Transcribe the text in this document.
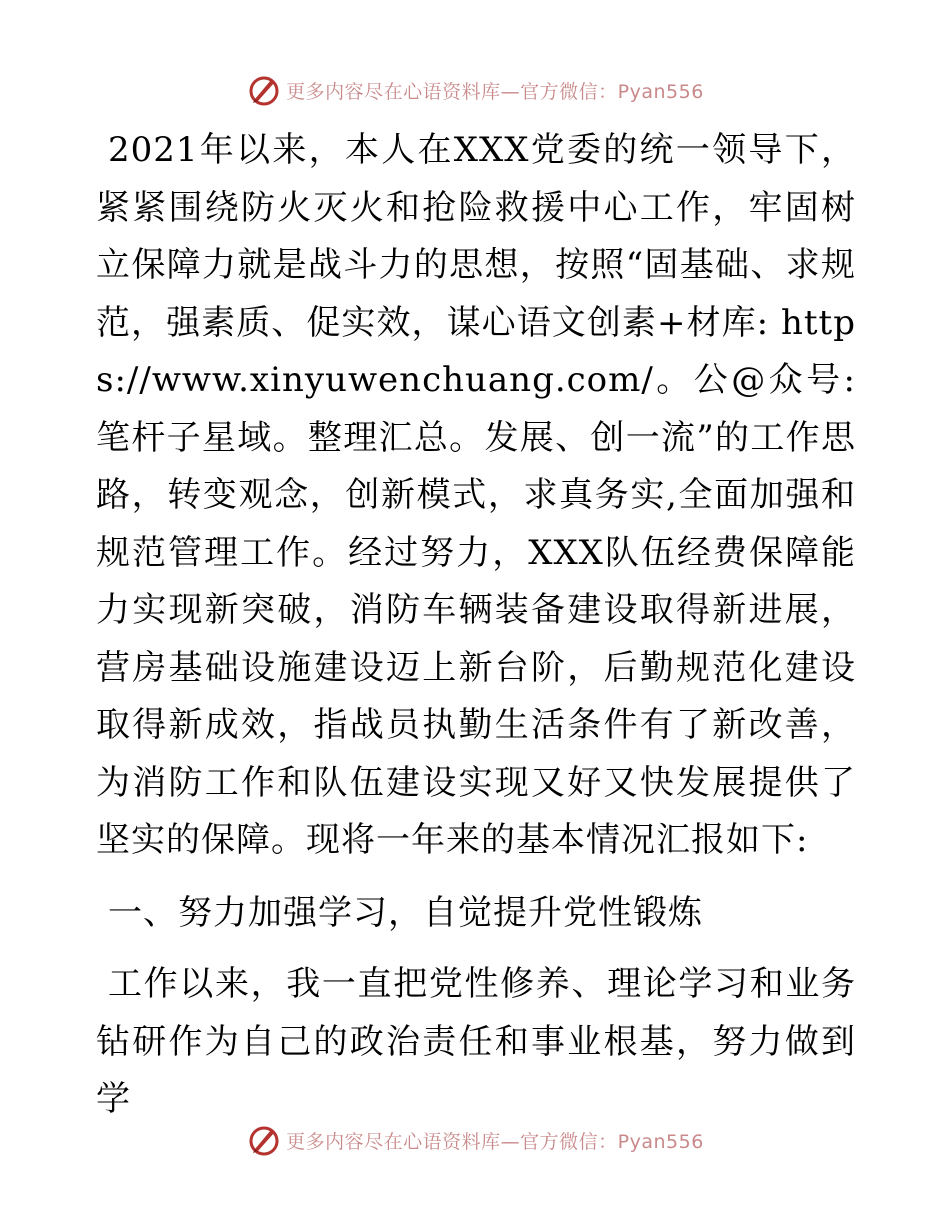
更多内容尽在心语资料库—官方微信：Pyan556

2021年以来，本人在XXX党委的统一领导下，紧紧围绕防火灭火和抢险救援中心工作，牢固树立保障力就是战斗力的思想，按照“固基础、求规范，强素质、促实效，谋心语文创素+材库: https://www.xinyuwenchuang.com/。公@众号: 笔杆子星域。整理汇总。发展、创一流”的工作思路，转变观念，创新模式，求真务实,全面加强和规范管理工作。经过努力，XXX队伍经费保障能力实现新突破，消防车辆装备建设取得新进展，营房基础设施建设迈上新台阶，后勤规范化建设取得新成效，指战员执勤生活条件有了新改善，为消防工作和队伍建设实现又好又快发展提供了坚实的保障。现将一年来的基本情况汇报如下:

一、努力加强学习，自觉提升党性锻炼

工作以来，我一直把党性修养、理论学习和业务钻研作为自己的政治责任和事业根基，努力做到学

更多内容尽在心语资料库—官方微信：Pyan556
